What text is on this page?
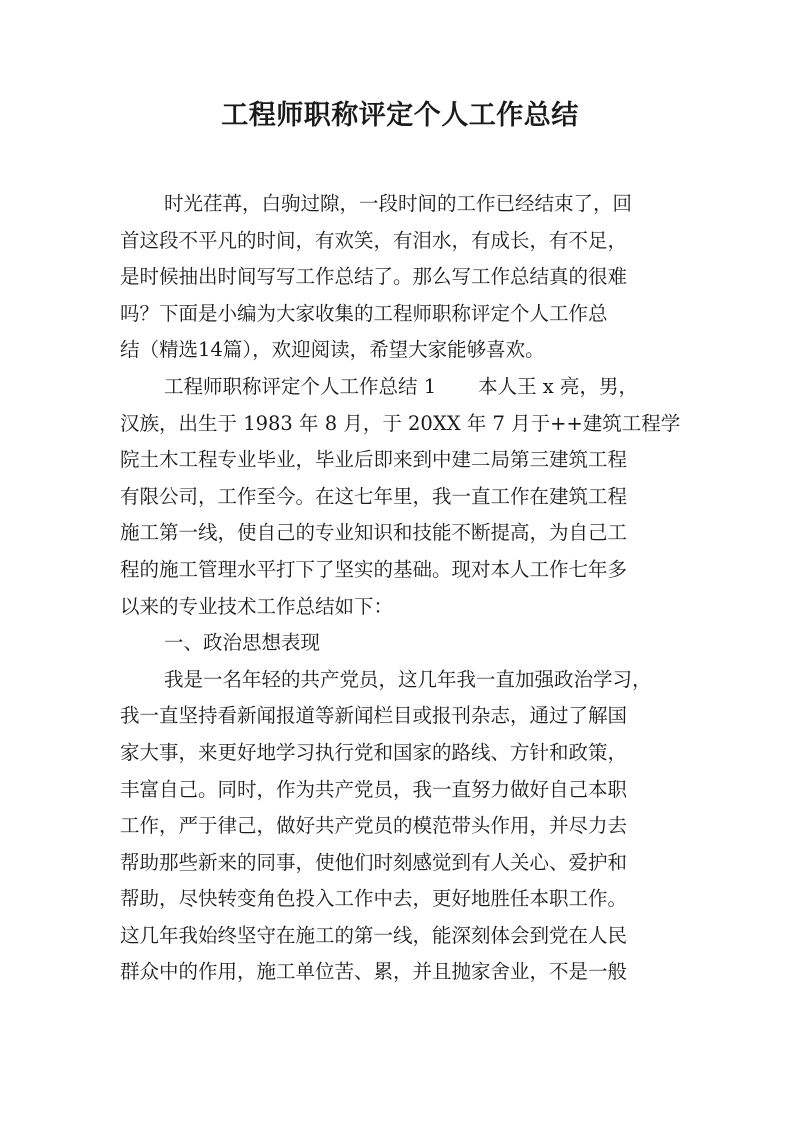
工程师职称评定个人工作总结
时光荏苒，白驹过隙，一段时间的工作已经结束了，回
首这段不平凡的时间，有欢笑，有泪水，有成长，有不足，
是时候抽出时间写写工作总结了。那么写工作总结真的很难
吗？下面是小编为大家收集的工程师职称评定个人工作总
结（精选14篇），欢迎阅读，希望大家能够喜欢。
工程师职称评定个人工作总结 1 本人王 x 亮，男，
汉族，出生于 1983 年 8 月，于 20XX 年 7 月于++建筑工程学
院土木工程专业毕业，毕业后即来到中建二局第三建筑工程
有限公司，工作至今。在这七年里，我一直工作在建筑工程
施工第一线，使自己的专业知识和技能不断提高，为自己工
程的施工管理水平打下了坚实的基础。现对本人工作七年多
以来的专业技术工作总结如下：
一、政治思想表现
我是一名年轻的共产党员，这几年我一直加强政治学习，
我一直坚持看新闻报道等新闻栏目或报刊杂志，通过了解国
家大事，来更好地学习执行党和国家的路线、方针和政策，
丰富自己。同时，作为共产党员，我一直努力做好自己本职
工作，严于律己，做好共产党员的模范带头作用，并尽力去
帮助那些新来的同事，使他们时刻感觉到有人关心、爱护和
帮助，尽快转变角色投入工作中去，更好地胜任本职工作。
这几年我始终坚守在施工的第一线，能深刻体会到党在人民
群众中的作用，施工单位苦、累，并且抛家舍业，不是一般
